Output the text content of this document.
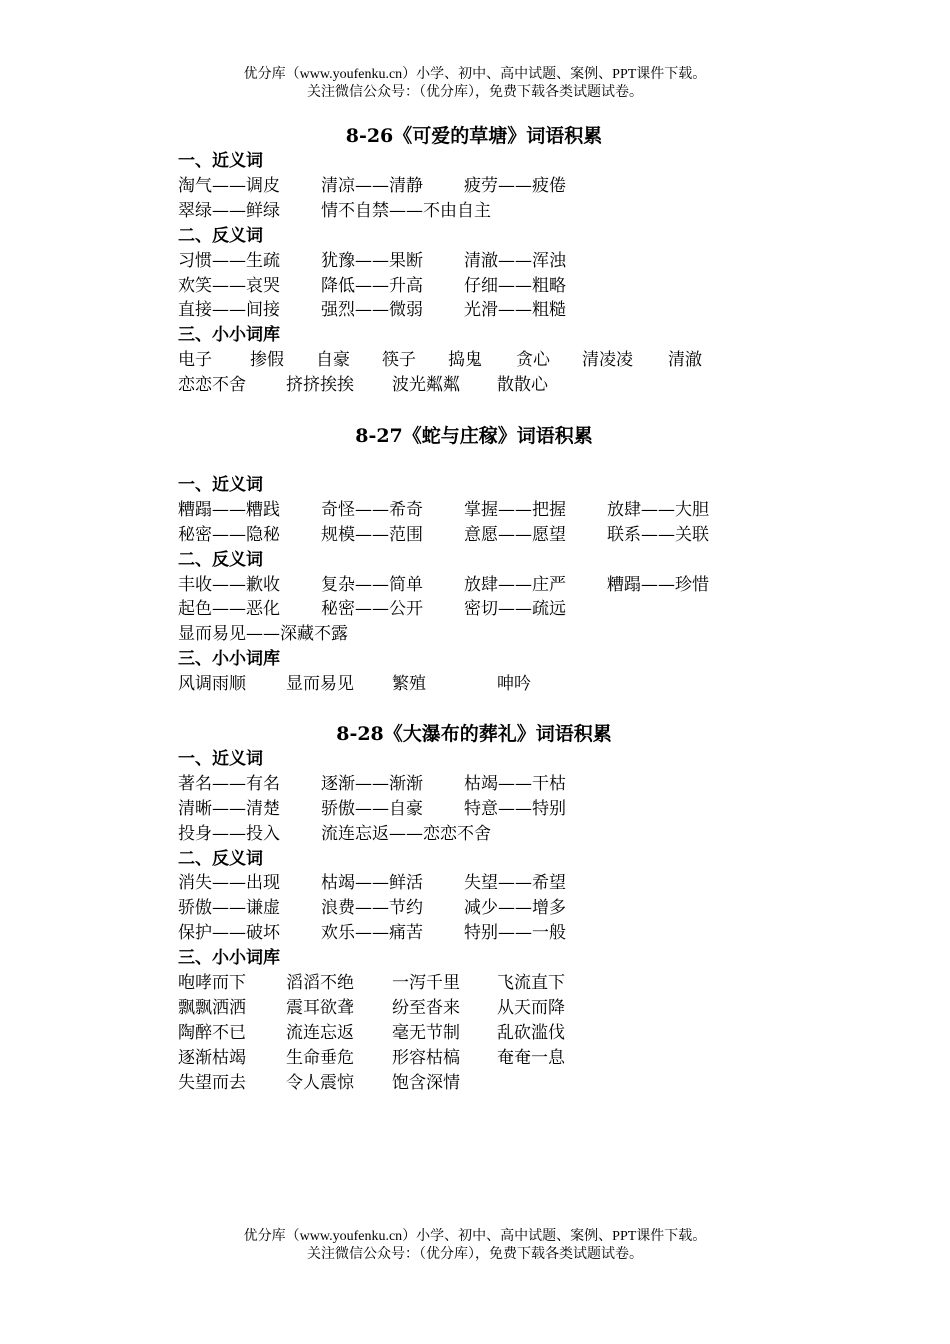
优分库（www.youfenku.cn）小学、初中、高中试题、案例、PPT课件下载。
关注微信公众号：（优分库），免费下载各类试题试卷。
8-26《可爱的草塘》词语积累
一、近义词
淘气——调皮 清凉——清静 疲劳——疲倦
翠绿——鲜绿 情不自禁——不由自主
二、反义词
习惯——生疏 犹豫——果断 清澈——浑浊
欢笑——哀哭 降低——升高 仔细——粗略
直接——间接 强烈——微弱 光滑——粗糙
三、小小词库
电子 掺假 自豪 筷子 捣鬼 贪心 清凌凌 清澈
恋恋不舍 挤挤挨挨 波光粼粼 散散心
8-27《蛇与庄稼》词语积累
一、近义词
糟蹋——糟践 奇怪——希奇 掌握——把握 放肆——大胆
秘密——隐秘 规模——范围 意愿——愿望 联系——关联
二、反义词
丰收——歉收 复杂——简单 放肆——庄严 糟蹋——珍惜
起色——恶化 秘密——公开 密切——疏远
显而易见——深藏不露
三、小小词库
风调雨顺 显而易见 繁殖	呻吟
8-28《大瀑布的葬礼》词语积累
一、近义词
著名——有名 逐渐——渐渐 枯竭——干枯
清晰——清楚 骄傲——自豪 特意——特别
投身——投入 流连忘返——恋恋不舍
二、反义词
消失——出现 枯竭——鲜活 失望——希望
骄傲——谦虚 浪费——节约 减少——增多
保护——破坏 欢乐——痛苦 特别——一般
三、小小词库
咆哮而下 滔滔不绝 一泻千里 飞流直下
飘飘洒洒 震耳欲聋 纷至沓来 从天而降
陶醉不已 流连忘返 毫无节制 乱砍滥伐
逐渐枯竭 生命垂危 形容枯槁 奄奄一息
失望而去 令人震惊 饱含深情
优分库（www.youfenku.cn）小学、初中、高中试题、案例、PPT课件下载。
关注微信公众号：（优分库），免费下载各类试题试卷。
